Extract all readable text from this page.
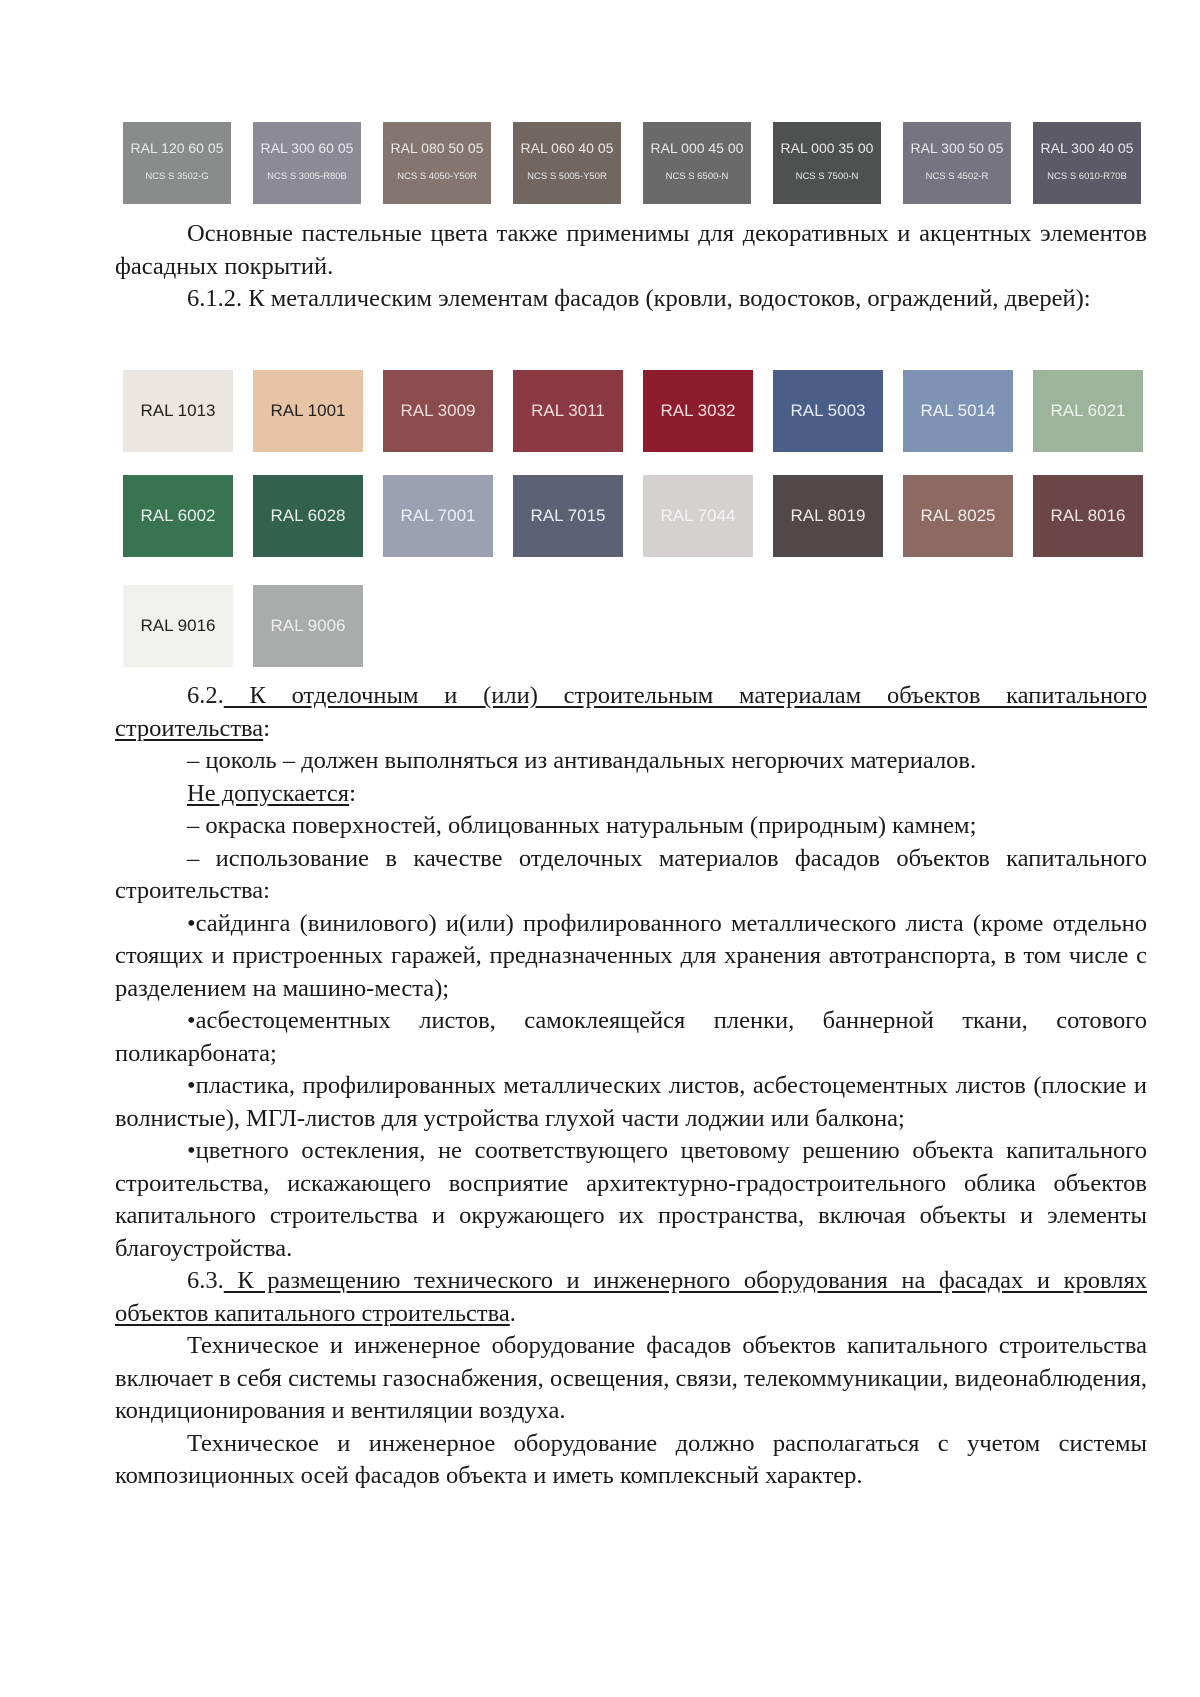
RAL 120 60 05
NCS S 3502-G
RAL 300 60 05
NCS S 3005-R80B
RAL 080 50 05
NCS S 4050-Y50R
RAL 060 40 05
NCS S 5005-Y50R
RAL 000 45 00
NCS S 6500-N
RAL 000 35 00
NCS S 7500-N
RAL 300 50 05
NCS S 4502-R
RAL 300 40 05
NCS S 6010-R70B

Основные пастельные цвета также применимы для декоративных и акцентных элементов фасадных покрытий.

6.1.2. К металлическим элементам фасадов (кровли, водостоков, ограждений, дверей):

RAL 1013	RAL 1001	RAL 3009	RAL 3011	RAL 3032	RAL 5003	RAL 5014	RAL 6021
RAL 6002	RAL 6028	RAL 7001	RAL 7015	RAL 7044	RAL 8019	RAL 8025	RAL 8016
RAL 9016	RAL 9006

6.2. К отделочным и (или) строительным материалам объектов капитального строительства:

– цоколь – должен выполняться из антивандальных негорючих материалов.

Не допускается:

– окраска поверхностей, облицованных натуральным (природным) камнем;

– использование в качестве отделочных материалов фасадов объектов капитального строительства:

•сайдинга (винилового) и(или) профилированного металлического листа (кроме отдельно стоящих и пристроенных гаражей, предназначенных для хранения автотранспорта, в том числе с разделением на машино-места);

•асбестоцементных листов, самоклеящейся пленки, баннерной ткани, сотового поликарбоната;

•пластика, профилированных металлических листов, асбестоцементных листов (плоские и волнистые), МГЛ-листов для устройства глухой части лоджии или балкона;

•цветного остекления, не соответствующего цветовому решению объекта капитального строительства, искажающего восприятие архитектурно-градостроительного облика объектов капитального строительства и окружающего их пространства, включая объекты и элементы благоустройства.

6.3. К размещению технического и инженерного оборудования на фасадах и кровлях объектов капитального строительства.

Техническое и инженерное оборудование фасадов объектов капитального строительства включает в себя системы газоснабжения, освещения, связи, телекоммуникации, видеонаблюдения, кондиционирования и вентиляции воздуха.

Техническое и инженерное оборудование должно располагаться с учетом системы композиционных осей фасадов объекта и иметь комплексный характер.
